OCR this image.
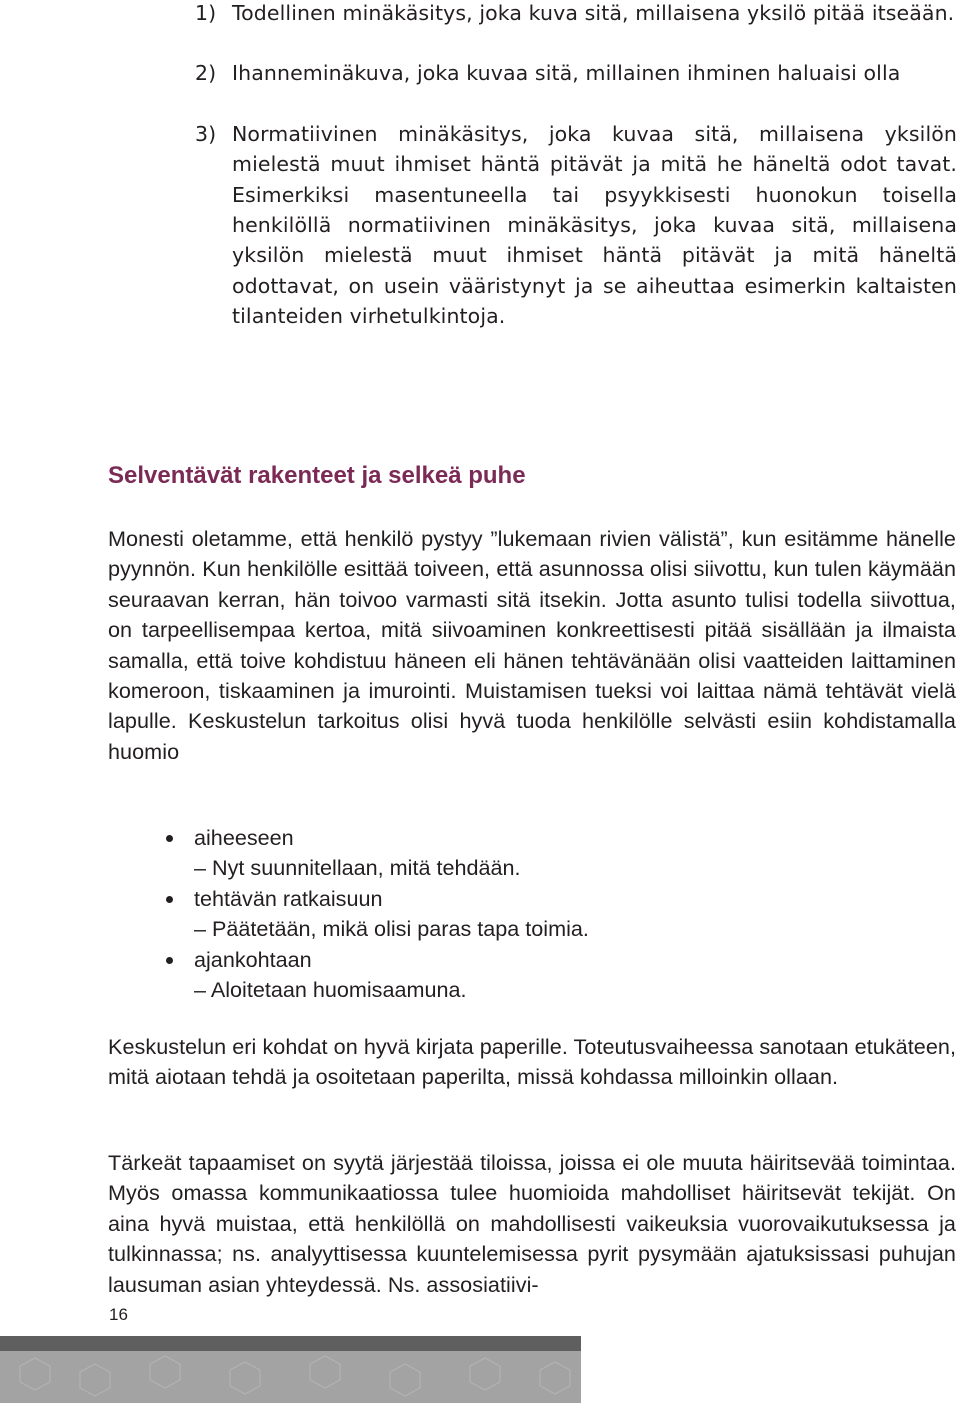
1) Todellinen minäkäsitys, joka kuva sitä, millaisena yksilö pitää itseään.
2) Ihanneminäkuva, joka kuvaa sitä, millainen ihminen haluaisi olla
3) Normatiivinen minäkäsitys, joka kuvaa sitä, millaisena yksilön mielestä muut ihmiset häntä pitävät ja mitä he häneltä odot tavat. Esimerkiksi masentuneella tai psyykkisesti huonokun toisella henkilöllä normatiivinen minäkäsitys, joka kuvaa sitä, millaisena yksilön mielestä muut ihmiset häntä pitävät ja mitä häneltä odottavat, on usein vääristynyt ja se aiheuttaa esimerkin kaltaisten tilanteiden virhetulkintoja.
Selventävät rakenteet ja selkeä puhe

Monesti oletamme, että henkilö pystyy ”lukemaan rivien välistä”, kun esitämme hänelle pyynnön. Kun henkilölle esittää toiveen, että asunnossa olisi siivottu, kun tulen käymään seuraavan kerran, hän toivoo varmasti sitä itsekin. Jotta asunto tulisi todella siivottua, on tarpeellisempaa kertoa, mitä siivoaminen konkreettisesti pitää sisällään ja ilmaista samalla, että toive kohdistuu häneen eli hänen tehtävänään olisi vaatteiden laittaminen komeroon, tiskaaminen ja imurointi. Muistamisen tueksi voi laittaa nämä tehtävät vielä lapulle. Keskustelun tarkoitus olisi hyvä tuoda henkilölle selvästi esiin kohdistamalla huomio

aiheeseen
– Nyt suunnitellaan, mitä tehdään.
tehtävän ratkaisuun
– Päätetään, mikä olisi paras tapa toimia.
ajankohtaan
– Aloitetaan huomisaamuna.

Keskustelun eri kohdat on hyvä kirjata paperille. Toteutusvaiheessa sanotaan etukäteen, mitä aiotaan tehdä ja osoitetaan paperilta, missä kohdassa milloinkin ollaan.

Tärkeät tapaamiset on syytä järjestää tiloissa, joissa ei ole muuta häiritsevää toimintaa. Myös omassa kommunikaatiossa tulee huomioida mahdolliset häiritsevät tekijät. On aina hyvä muistaa, että henkilöllä on mahdollisesti vaikeuksia vuorovaikutuksessa ja tulkinnassa; ns. analyyttisessa kuuntelemisessa pyrit pysymään ajatuksissasi puhujan lausuman asian yhteydessä. Ns. assosiatiivi-

16
